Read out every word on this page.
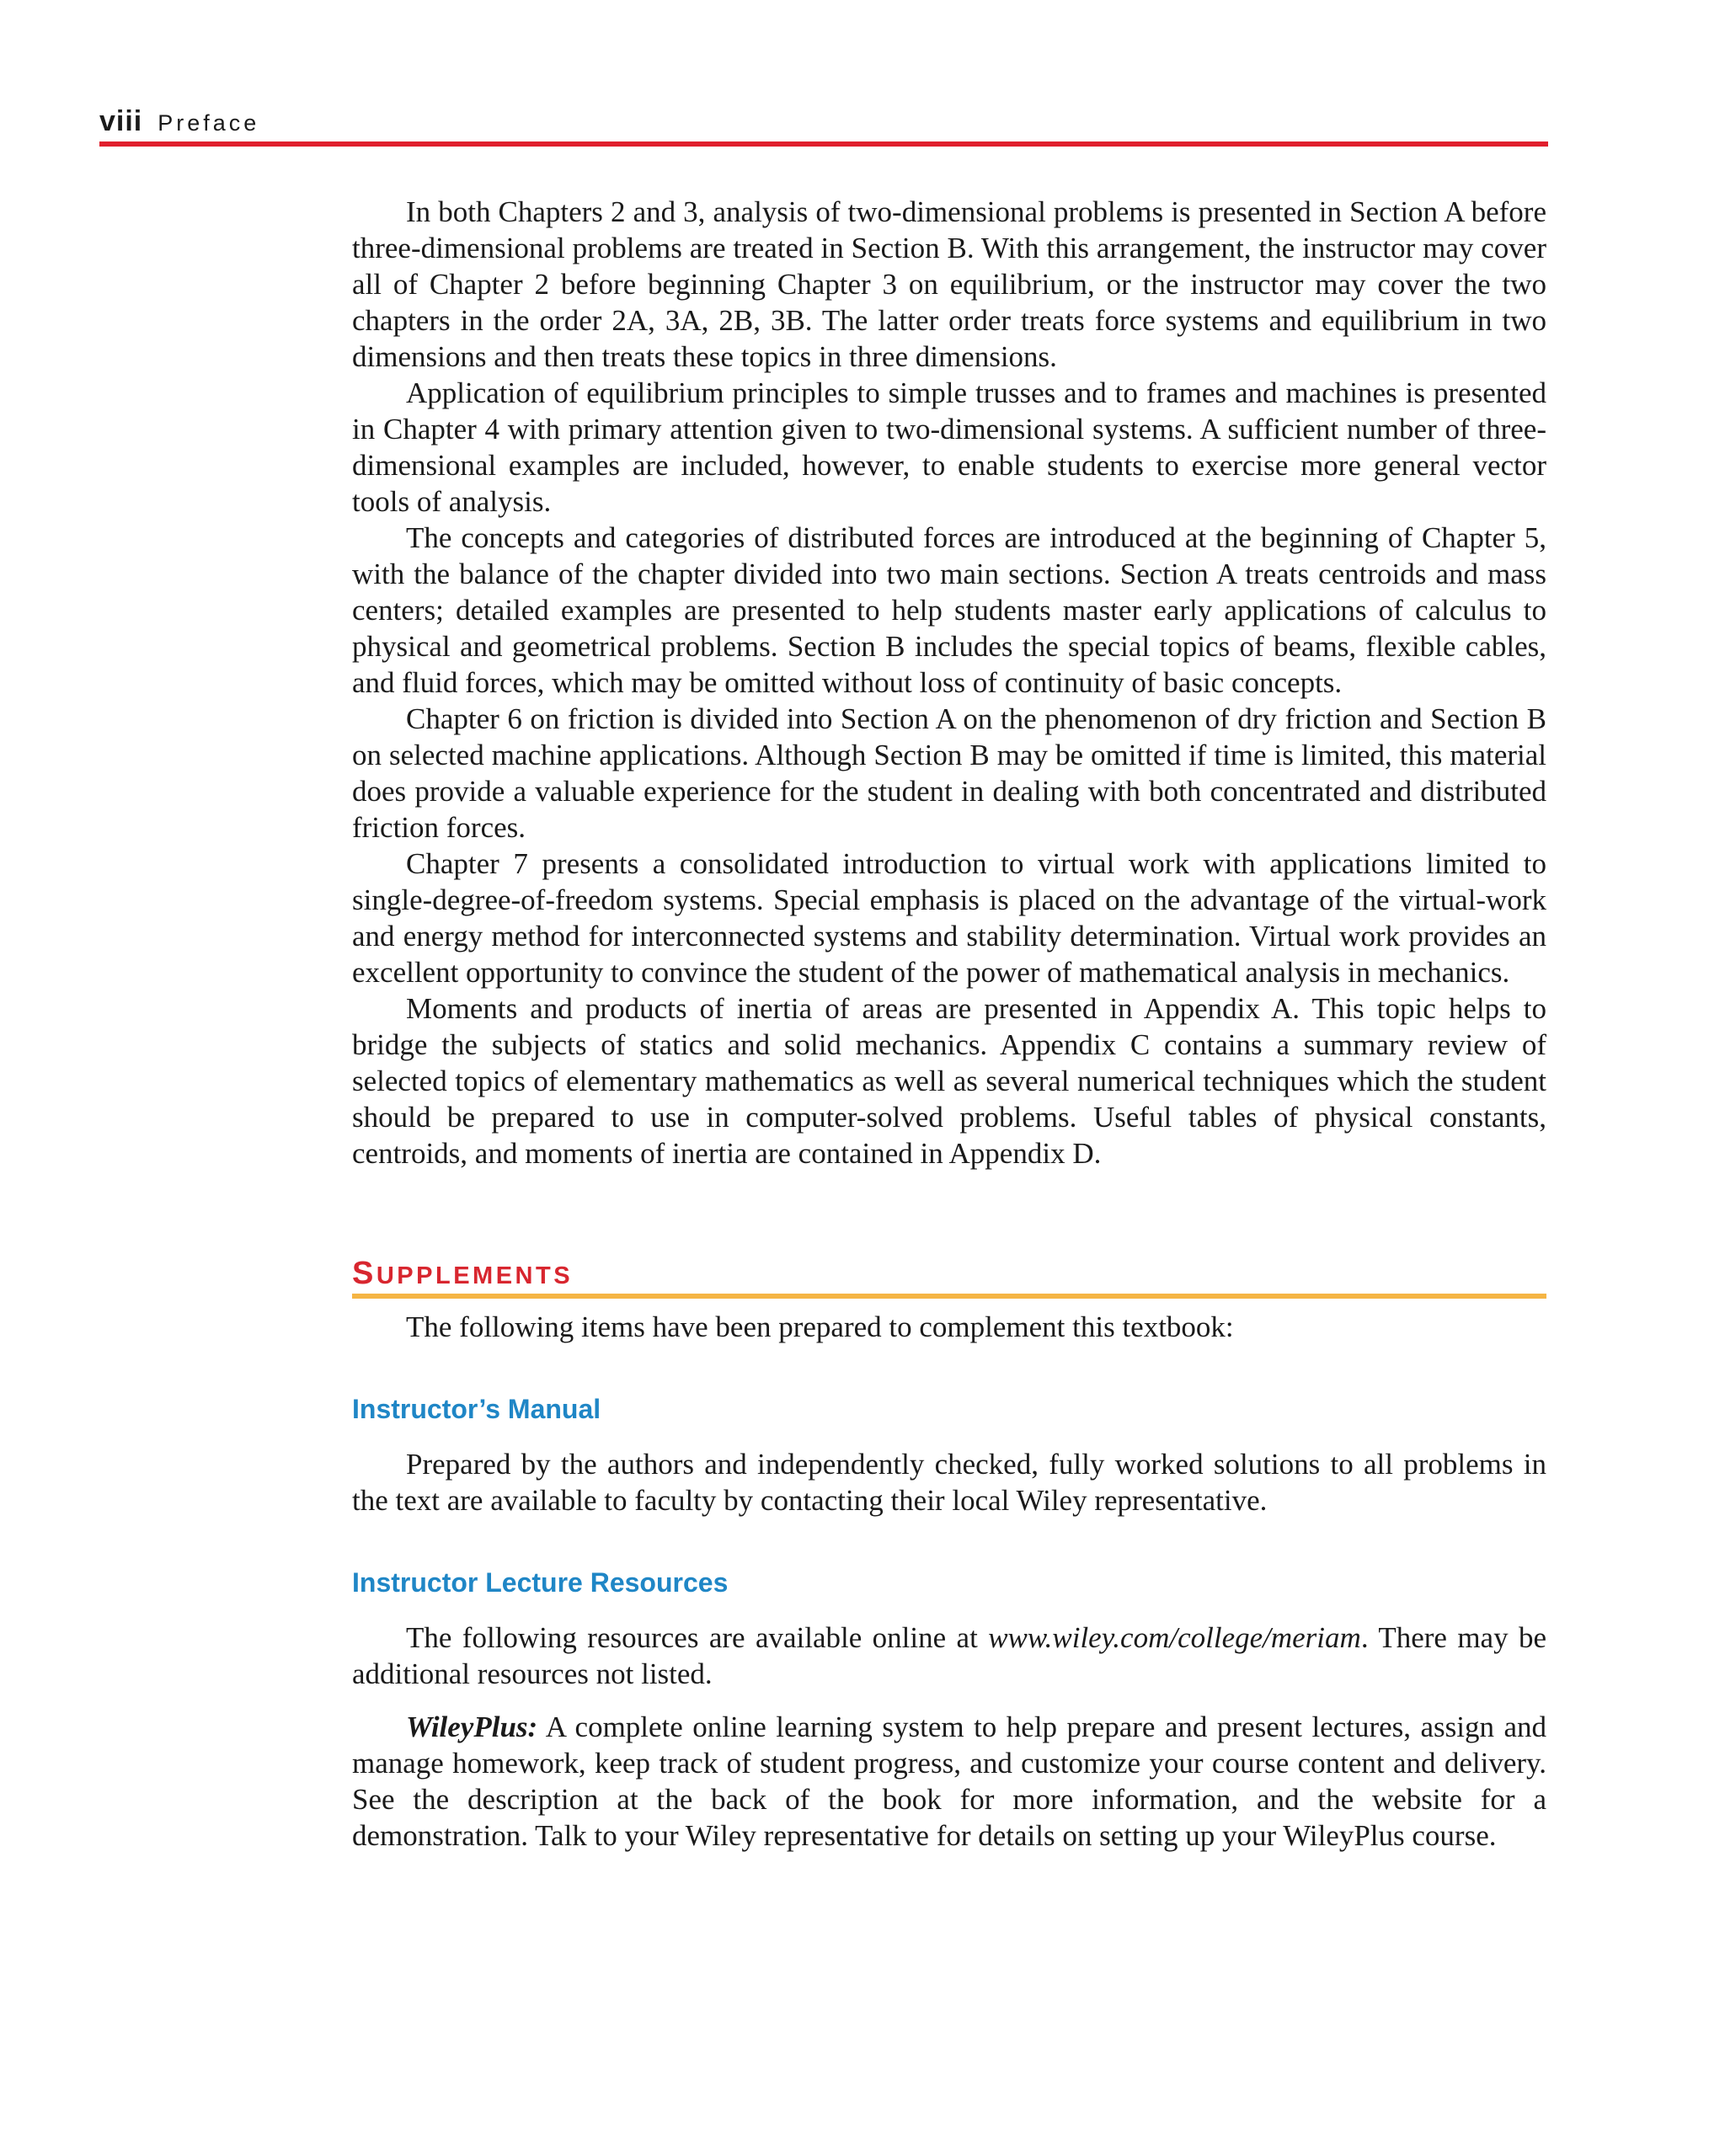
viii Preface

In both Chapters 2 and 3, analysis of two-dimensional problems is presented in Section A before three-dimensional problems are treated in Section B. With this arrangement, the instructor may cover all of Chapter 2 before beginning Chapter 3 on equilibrium, or the instructor may cover the two chapters in the order 2A, 3A, 2B, 3B. The latter order treats force systems and equilibrium in two dimensions and then treats these topics in three dimensions.

Application of equilibrium principles to simple trusses and to frames and machines is presented in Chapter 4 with primary attention given to two-dimensional systems. A sufficient number of three-dimensional examples are included, however, to enable students to exercise more general vector tools of analysis.

The concepts and categories of distributed forces are introduced at the beginning of Chapter 5, with the balance of the chapter divided into two main sections. Section A treats centroids and mass centers; detailed examples are presented to help students master early applications of calculus to physical and geometrical problems. Section B includes the special topics of beams, flexible cables, and fluid forces, which may be omitted without loss of continuity of basic concepts.

Chapter 6 on friction is divided into Section A on the phenomenon of dry friction and Section B on selected machine applications. Although Section B may be omitted if time is limited, this material does provide a valuable experience for the student in dealing with both concentrated and distributed friction forces.

Chapter 7 presents a consolidated introduction to virtual work with applications limited to single-degree-of-freedom systems. Special emphasis is placed on the advantage of the virtual-work and energy method for interconnected systems and stability determination. Virtual work provides an excellent opportunity to convince the student of the power of mathematical analysis in mechanics.

Moments and products of inertia of areas are presented in Appendix A. This topic helps to bridge the subjects of statics and solid mechanics. Appendix C contains a summary review of selected topics of elementary mathematics as well as several numerical techniques which the student should be prepared to use in computer-solved problems. Useful tables of physical constants, centroids, and moments of inertia are contained in Appendix D.

SUPPLEMENTS

The following items have been prepared to complement this textbook:

Instructor’s Manual

Prepared by the authors and independently checked, fully worked solutions to all problems in the text are available to faculty by contacting their local Wiley representative.

Instructor Lecture Resources

The following resources are available online at www.wiley.com/college/meriam. There may be additional resources not listed.

WileyPlus: A complete online learning system to help prepare and present lectures, assign and manage homework, keep track of student progress, and customize your course content and delivery. See the description at the back of the book for more information, and the website for a demonstration. Talk to your Wiley representative for details on setting up your WileyPlus course.
